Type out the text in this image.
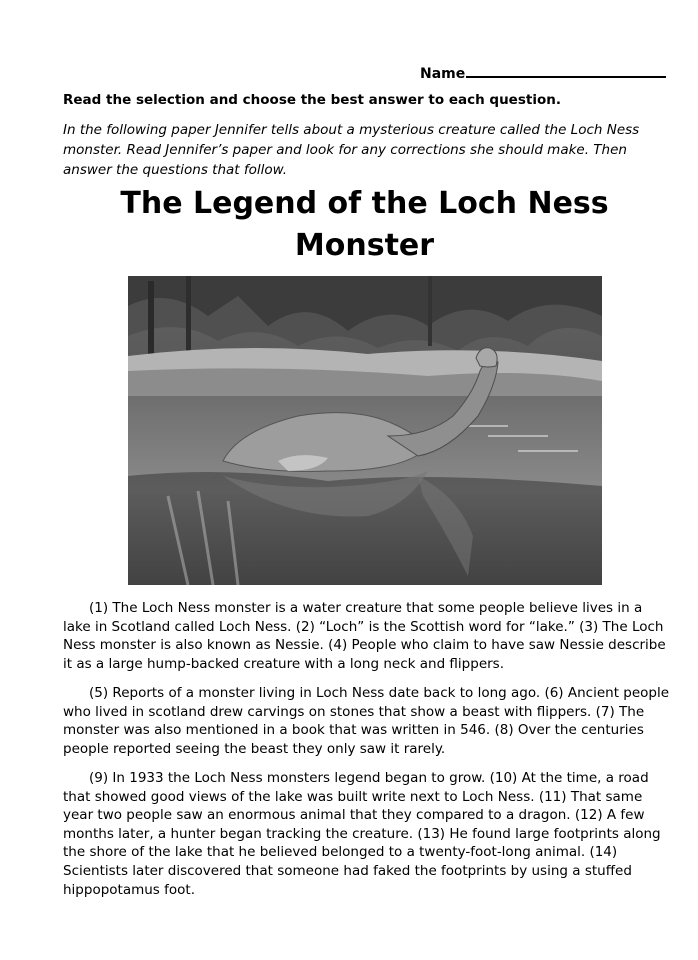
Name

Read the selection and choose the best answer to each question.

In the following paper Jennifer tells about a mysterious creature called the Loch Ness monster. Read Jennifer’s paper and look for any corrections she should make. Then answer the questions that follow.

The Legend of the Loch Ness Monster

(1) The Loch Ness monster is a water creature that some people believe lives in a lake in Scotland called Loch Ness. (2) “Loch” is the Scottish word for “lake.” (3) The Loch Ness monster is also known as Nessie. (4) People who claim to have saw Nessie describe it as a large hump-backed creature with a long neck and flippers.

(5) Reports of a monster living in Loch Ness date back to long ago. (6) Ancient people who lived in scotland drew carvings on stones that show a beast with flippers. (7) The monster was also mentioned in a book that was written in 546. (8) Over the centuries people reported seeing the beast they only saw it rarely.

(9) In 1933 the Loch Ness monsters legend began to grow. (10) At the time, a road that showed good views of the lake was built write next to Loch Ness. (11) That same year two people saw an enormous animal that they compared to a dragon. (12) A few months later, a hunter began tracking the creature. (13) He found large footprints along the shore of the lake that he believed belonged to a twenty-foot-long animal. (14) Scientists later discovered that someone had faked the footprints by using a stuffed hippopotamus foot.
